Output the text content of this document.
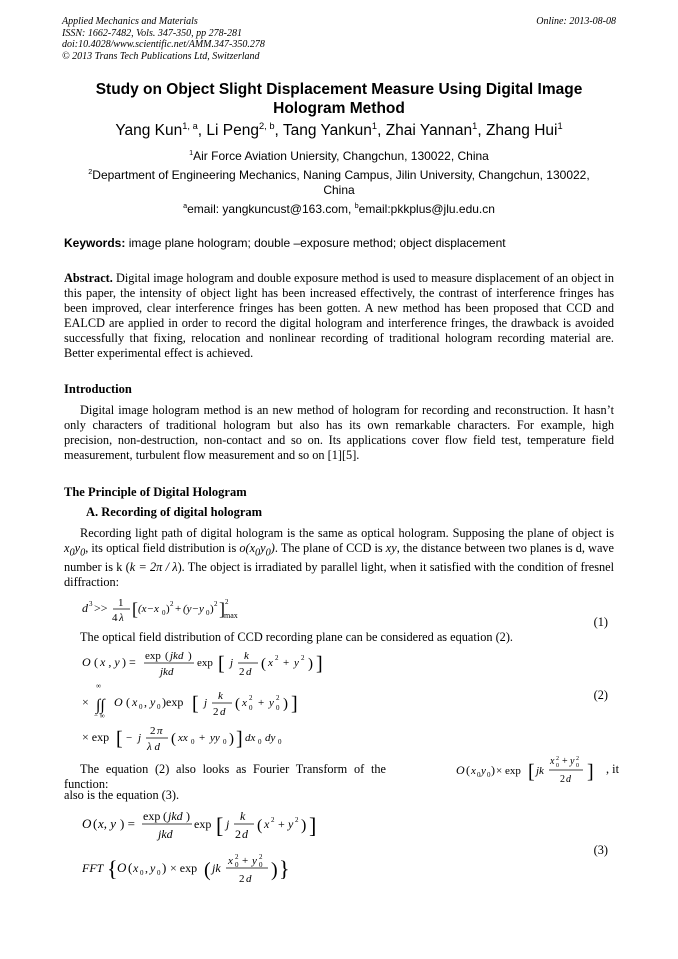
Applied Mechanics and Materials
ISSN: 1662-7482, Vols. 347-350, pp 278-281
doi:10.4028/www.scientific.net/AMM.347-350.278
© 2013 Trans Tech Publications Ltd, Switzerland
Online: 2013-08-08
Study on Object Slight Displacement Measure Using Digital Image Hologram Method
Yang Kun$^{1, a}$, Li Peng$^{2, b}$, Tang Yankun$^1$, Zhai Yannan$^1$, Zhang Hui$^1$
$^1$Air Force Aviation Uniersity, Changchun, 130022, China
$^2$Department of Engineering Mechanics, Naning Campus, Jilin University, Changchun, 130022, China
$^a$email: yangkuncust@163.com, $^b$email:pkkplus@jlu.edu.cn
Keywords: image plane hologram; double –exposure method; object displacement
Abstract. Digital image hologram and double exposure method is used to measure displacement of an object in this paper, the intensity of object light has been increased effectively, the contrast of interference fringes has been improved, clear interference fringes has been gotten. A new method has been proposed that CCD and EALCD are applied in order to record the digital hologram and interference fringes, the drawback is avoided successfully that fixing, relocation and nonlinear recording of traditional hologram recording material are. Better experimental effect is achieved.
Introduction
Digital image hologram method is an new method of hologram for recording and reconstruction. It hasn’t only characters of traditional hologram but also has its own remarkable characters. For example, high precision, non-destruction, non-contact and so on. Its applications cover flow field test, temperature field measurement, turbulent flow measurement and so on [1][5].
The Principle of Digital Hologram
A. Recording of digital hologram
Recording light path of digital hologram is the same as optical hologram. Supposing the plane of object is $x_0y_0$, its optical field distribution is $o(x_0y_0)$. The plane of CCD is xy, the distance between two planes is d, wave number is k (k = 2π / λ). The object is irradiated by parallel light, when it satisfied with the condition of fresnel diffraction:
d 3 >> 1
4 λ [ (x−x 0 ) 2 + (y−y 0 ) 2 ] 2
max	(1)
The optical field distribution of CCD recording plane can be considered as equation (2).
O ( x , y ) = exp ( jkd )
jkd
exp [ j
k
2 d ( x 2 + y 2 ) ]
×
∞
∫∫
− ∞
O ( x 0 , y 0 )exp [ j
k
2 d ( x 2
0 + y 2
0 ) ]
× exp [ − j
2 π
λ d ( xx 0 + yy 0 ) ] dx 0 dy 0
(2)
The equation (2) also looks as Fourier Transform of the function:
O ( x 0 y 0 ) × exp [ jk
x 2
0 + y 2
0
2 d ] , it
also is the equation (3).
O ( x, y ) = exp ( jkd )
jkd
exp [ j
k
2 d ( x 2 + y 2 ) ]
FFT { O ( x 0 , y 0 ) × exp ( jk x 2
0 + y 2
0
2 d ) }
(3)
